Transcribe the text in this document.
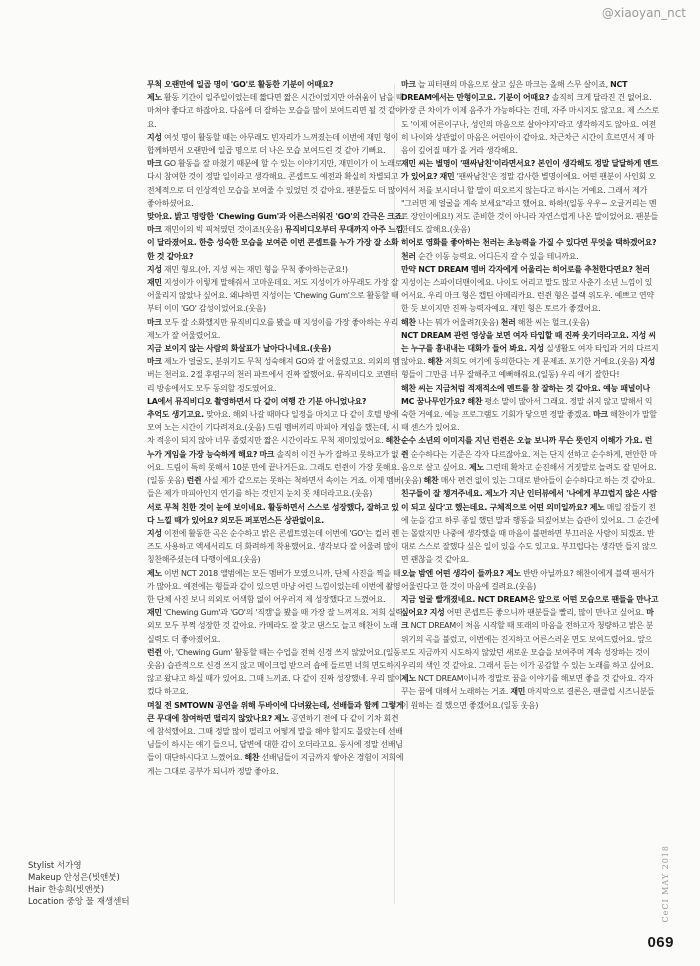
@xiaoyan_nct

무척 오랜만에 일곱 명이 'GO'로 활동한 기분이 어때요?

제노 활동 기간이 일주일이었는데 짧다면 짧은 시간이었지만 아쉬움이 남을 때 마쳐야 좋다고 하잖아요. 다음에 더 잘하는 모습을 많이 보여드리면 될 것 같아요.

지성 여섯 명이 활동할 때는 아무래도 빈자리가 느껴졌는데 이번에 재민 형이 합께하면서 오랜만에 일곱 명으로 더 나은 모습 보여드린 것 같아 기뻐요.

마크 GO 활동을 잘 마쳤기 때문에 할 수 있는 이야기지만, 재민이가 이 노래로 다시 참여한 것이 정말 일이라고 생각해요. 콘셉트도 예전과 확실히 차별되고 전체적으로 더 인상적인 모습을 보여줄 수 있었던 것 같아요. 팬분들도 더 많이 좋아하셨어요.

맞아요. 밝고 명랑한 'Chewing Gum'과 어른스러워진 'GO'의 간극은 크죠.

마크 재민이의 빅 픽처였던 것이죠!(웃음) 뮤직비디오부터 무대까지 아주 느낌이 달라졌어요. 한층 성숙한 모습을 보여준 이번 콘셉트를 누가 가장 잘 소화한 것 같아요?

지성 재민 형요.(아, 지성 씨는 재민 형을 무척 좋아하는군요!)

재민 지성이가 이렇게 말해줘서 고마운데요. 저도 지성이가 아무래도 가장 잘 어울리지 않았나 싶어요. 왜냐하면 지성이는 'Chewing Gum'으로 활동할 때부터 이미 'GO' 감성이었어요.(웃음)

마크 모두 잘 소화했지만 뮤직비디오를 봤을 때 지성이를 가장 좋아하는 우리 제노가 잘 어울렸어요.

지금 보이지 않는 사람의 화살표가 날아다니네요.(웃음)

마크 제노가 얼굴도, 분위기도 무척 성숙해져 GO와 잘 어울렸고요. 의외의 멤버는 천러요. 2절 후렴구의 천러 파트에서 진짜 잘했어요. 뮤직비디오 코멘터리 방송에서도 모두 동의할 정도였어요.

LA에서 뮤직비디오 촬영하면서 다 같이 여행 간 기분 아니었나요?

추억도 생기고요. 맞아요. 해외 나갈 때마다 일정을 마치고 다 같이 호텔 방에 모여 노는 시간이 기다려져요.(웃음) 드림 멤버끼리 마피아 게임을 했는데, 시차 적응이 되지 않아 너무 졸렸지만 짧은 시간이라도 무척 재미있었어요. 해찬

누가 게임을 가장 능숙하게 해요? 마크 솔직히 이건 누가 잘하고 못하고가 없어요. 드림이 특히 못해서 10분 만에 끝나거든요. 그래도 런쥔이 가장 못해요.(일동 웃음) 런쥔 사실 제가 같으로는 못하는 척하면서 속이는 거죠. 이제 멤버들은 제가 마피아인지 연기를 하는 것인지 눈치 못 채더라고요.(웃음)

서로 무척 친한 것이 눈에 보이네요. 활동하면서 스스로 성장했다, 잘하고 있다 느낄 때가 있어요? 외모든 퍼포먼스든 상관없이요.

지성 이전에 활동한 곡은 순수하고 밝은 콘셉트였는데 이번에 'GO'는 컬러 렌즈도 사용하고 액세서리도 더 화려하게 착용했어요. 생각보다 잘 어울려 많이 칭찬해주셨는데 다행이에요.(웃음)

제노 이번 NCT 2018 앨범에는 모든 멤버가 모였으니까, 단체 사진을 찍을 때가 많아요. 예전에는 형들과 같이 있으면 마냥 어린 느낌이었는데 이번에 촬영한 단체 사진 보니 의외로 어색함 없이 어우러져 제 성장했다고 느꼈어요.

재민 'Chewing Gum'과 'GO'의 '직캠'을 봤을 때 가장 잘 느껴져요. 저희 실력, 외모 모두 부쩍 성장한 것 같아요. 카메라도 잘 찾고 댄스도 늘고 해찬이 노래 실력도 더 좋아졌어요.

런쥔 아, 'Chewing Gum' 활동할 때는 수업을 전혀 신경 쓰지 않았어요.(일동 웃음) 습관적으로 신경 쓰지 않고 메이크업 받으러 숍에 들르면 너희 면도하지 않고 왔냐고 하실 때가 있어요. 그때 느끼죠. 다 같이 진짜 성장했네. 우리 많이 컸다 하고요.

며칠 전 SMTOWN 공연을 위해 두바이에 다녀왔는데, 선배들과 함께 그렇게 큰 무대에 참여하면 떨리지 않았나요? 제노 공연하기 전에 다 같이 기차 회견에 참석했어요. 그때 정말 많이 떨리고 어떻게 말을 해야 할지도 몰랐는데 선배님들이 하시는 얘기 들으니, 답변에 대한 감이 오더라고요. 동시에 정말 선배님들이 대단하시다고 느꼈어요. 해찬 선배님들이 지금까지 쌓아온 경험이 저희에게는 그대로 공부가 되니까 정말 좋아요.

마크 늘 피터팬의 마음으로 살고 싶은 마크는 올해 스무 살이죠, NCT DREAM에서는 만형이고요. 기분이 어때요? 솔직히 크게 달라진 건 없어요. 가장 큰 차이가 이제 음주가 가능하다는 건데, 자주 마시지도 않고요. 제 스스로도 '이제 어른이구나, 성인의 마음으로 살아야지'라고 생각하지도 않아요. 여전히 나이와 상관없이 마음은 어린아이 같아요. 차근차근 시간이 흐르면서 제 마음이 깊어질 때가 올 거라 생각해요.

재민 씨는 별명이 '팬싸남친'이라면서요? 본인이 생각해도 정말 달달하게 멘트가 있어요? 재민 '팬싸남친'은 정말 감사한 별명이에요. 어떤 팬분이 사인회 오셔서 저를 보시더니 할 말이 떠오르지 않는다고 하시는 거예요. 그래서 제가 "그러면 제 얼굴을 계속 보세요"라고 했어요. 하하!(일동 우우~ 오글거리는 멘트 장인이에요!) 저도 준비한 것이 아니라 자연스럽게 나온 말이었어요. 팬분들한테도 잘해요.(웃음)

히어로 영화를 좋아하는 천러는 초능력을 가질 수 있다면 무엇을 택하겠어요? 천러 순간 이동 능력요. 어디든지 갈 수 있을 테니까요.

만약 NCT DREAM 멤버 각자에게 어울리는 히어로를 추천한다면요? 천러 지성이는 스파이더맨이에요. 나이도 어리고 말도 많고 사춘기 소년 느낌이 있어서요. 우리 마크 형은 캡틴 아메리카요. 런쥔 형은 블랙 위도우. 예쁘고 연약한 듯 보이지만 진짜 능력자예요. 재민 형은 토르가 좋겠어요.

해찬 나는 뭐가 어울려?(웃음) 천러 해찬 씨는 헐크.(웃음)

NCT DREAM 관련 영상을 보면 여자 타입할 때 진짜 웃기더라고요. 지성 씨는 누구를 흉내내는 대화가 들어 봐요. 지성 실생활도 여자 타입과 거의 다르지 않아요. 해찬 저희도 여기에 동의한다는 게 문제죠. 포기한 거예요.(웃음) 지성 형들이 그만큼 너무 잘해주고 예뻐해줘요.(일동) 우리 애기 잘한다!

해찬 씨는 지금처럼 적재적소에 멘트를 참 잘하는 것 같아요. 예능 패널이나 MC 꿈나무인가요? 해찬 평소 말이 많아서 그래요. 정말 쉬지 않고 말해서 익숙한 거예요. 예능 프로그램도 기회가 닿으면 정말 좋겠죠. 마크 해찬이가 말할 때 센스가 있어요.

순수 소년의 이미지를 지닌 런쥔은 오늘 보니까 무슨 뜻인지 이해가 가요. 런쥔 순수하다는 기준은 각자 다르잖아요. 저는 단지 선하고 순수하게, 편안한 마음으로 살고 싶어요. 제노 그런데 확차고 순진해서 거짓말로 놀려도 잘 믿어요.(웃음) 해찬 매사 편견 없이 있는 그대로 받아들이 순수하다고 하는 것 같아요.

친구들이 잘 챙겨주네요. 제노가 지난 인터뷰에서 '나에게 부끄럽지 않은 사람이 되고 싶다'고 했는데요. 구체적으로 어떤 의미일까요? 제노 매일 잠들기 전에 눈을 감고 하루 종일 했던 말과 행동을 되짚어보는 습관이 있어요. 그 순간에는 몰랐지만 나중에 생각했을 때 마음이 불편하면 부끄러운 사람이 되겠죠. 반대로 스스로 잘했다 싶은 일이 있을 수도 있고요. 부끄럽다는 생각만 들지 않으면 괜찮을 것 같아요.

오늘 밤엔 어떤 생각이 들까요? 제노 반반 아닐까요? 해찬이에게 블랙 팬서가 어울린다고 한 것이 마음에 걸려요.(웃음)

지금 얼굴 빨개졌네요. NCT DREAM은 앞으로 어떤 모습으로 팬들을 만나고 싶어요? 지성 어떤 콘셉트든 좋으니까 팬분들을 빨리, 많이 만나고 싶어요. 마크 NCT DREAM이 처음 시작할 때 또래의 마음을 전하고자 청량하고 밝은 분위기의 곡을 불렀고, 이번에는 진지하고 어른스러운 면도 보여드렸어요. 앞으로도 지금까지 시도하지 않았던 새로운 모습을 보여주며 계속 성장하는 것이 우리의 색인 것 같아요. 그래서 듣는 이가 공감할 수 있는 노래를 하고 싶어요. 제노 NCT DREAM이니까 정말로 꿈을 이야기를 해보면 좋을 것 같아요. 각자 꾸는 꿈에 대해서 노래하는 거죠. 재민 마지막으로 결론은, 팬클럽 시즈니분들이 원하는 걸 했으면 좋겠어요.(일동 웃음)

Stylist 서가영
Makeup 안성은(빗앤붓)
Hair 한송희(빗앤붓)
Location 중앙 물 재생센터	CeCI MAY 2018
069
